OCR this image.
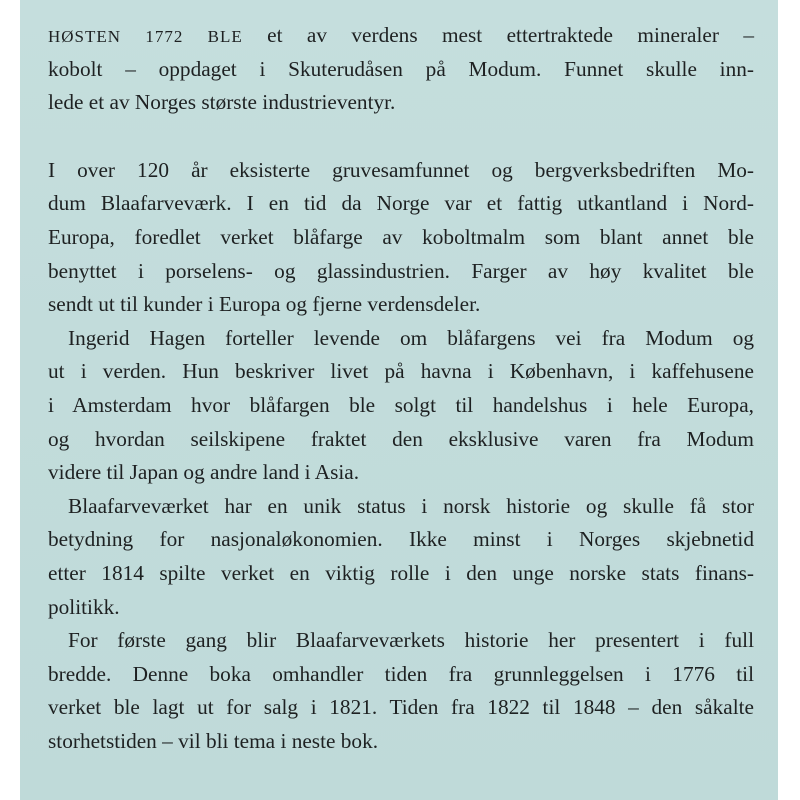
HØSTEN 1772 BLE et av verdens mest ettertraktede mineraler –
kobolt – oppdaget i Skuterudåsen på Modum. Funnet skulle inn-
lede et av Norges største industrieventyr.
I over 120 år eksisterte gruvesamfunnet og bergverksbedriften Mo-
dum Blaafarveværk. I en tid da Norge var et fattig utkantland i Nord-
Europa, foredlet verket blåfarge av koboltmalm som blant annet ble
benyttet i porselens- og glassindustrien. Farger av høy kvalitet ble
sendt ut til kunder i Europa og fjerne verdensdeler.
Ingerid Hagen forteller levende om blåfargens vei fra Modum og
ut i verden. Hun beskriver livet på havna i København, i kaffehusene
i Amsterdam hvor blåfargen ble solgt til handelshus i hele Europa,
og hvordan seilskipene fraktet den eksklusive varen fra Modum
videre til Japan og andre land i Asia.
Blaafarveværket har en unik status i norsk historie og skulle få stor
betydning for nasjonaløkonomien. Ikke minst i Norges skjebnetid
etter 1814 spilte verket en viktig rolle i den unge norske stats finans-
politikk.
For første gang blir Blaafarveværkets historie her presentert i full
bredde. Denne boka omhandler tiden fra grunnleggelsen i 1776 til
verket ble lagt ut for salg i 1821. Tiden fra 1822 til 1848 – den såkalte
storhetstiden – vil bli tema i neste bok.
